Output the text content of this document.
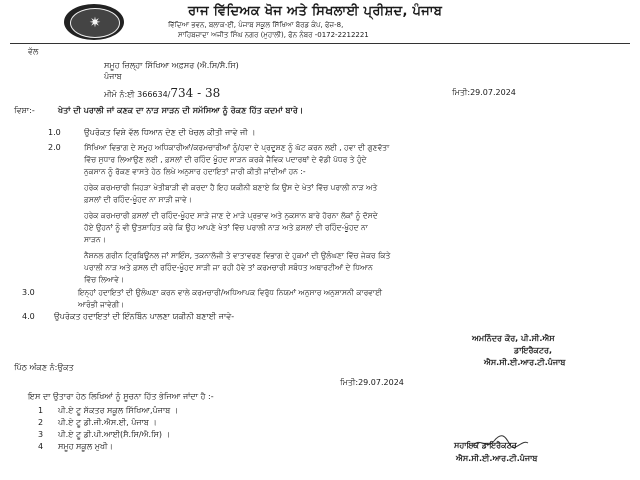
✷
ਰਾਜ ਵਿੱਦਿਅਕ ਖੋਜ ਅਤੇ ਸਿਖਲਾਈ ਪ੍ਰੀਸ਼ਦ, ਪੰਜਾਬ
ਵਿੱਦਿਆ ਭਵਨ, ਬਲਾਕ-ਈ, ਪੰਜਾਬ ਸਕੂਲ ਸਿੱਖਿਆ ਬੋਰਡ ਕੰਪ, ਫੇਜ਼-8,
ਸਾਹਿਬਜ਼ਾਦਾ ਅਜੀਤ ਸਿੰਘ ਨਗਰ (ਮੁਹਾਲੀ), ਫੋਨ ਨੰਬਰ -0172-2212221
ਵੱਲ
ਸਮੂਹ ਜ਼ਿਲ੍ਹਾ ਸਿੱਖਿਆ ਅਫ਼ਸਰ (ਐ.ਸਿ/ਸੈ.ਸਿ)
ਪੰਜਾਬ
ਮੀਮੋ ਨੰ:ਈ 366634/734 - 38	ਮਿਤੀ:29.07.2024
ਵਿਸ਼ਾ:-	ਖੇਤਾਂ ਦੀ ਪਰਾਲੀ ਜਾਂ ਕਣਕ ਦਾ ਨਾੜ ਸਾੜਨ ਦੀ ਸਮੱਸਿਆ ਨੂੰ ਰੋਕਣ ਹਿੱਤ ਕਦਮਾਂ ਬਾਰੇ।
1.0	ਉਪਰੋਕਤ ਵਿਸ਼ੇ ਵੱਲ ਧਿਆਨ ਦੇਣ ਦੀ ਖੇਚਲ ਕੀਤੀ ਜਾਵੇ ਜੀ ।
2.0	ਸਿੱਖਿਆ ਵਿਭਾਗ ਦੇ ਸਮੂਹ ਅਧਿਕਾਰੀਆਂ/ਕਰਮਚਾਰੀਆਂ ਨੂੰ/ਹਵਾ ਦੇ ਪ੍ਰਦੂਸ਼ਣ ਨੂੰ ਘੱਟ ਕਰਨ ਲਈ , ਹਵਾ ਦੀ ਗੁਣਵੱਤਾ
ਵਿੱਚ ਸੁਧਾਰ ਲਿਆਉਣ ਲਈ , ਫ਼ਸਲਾਂ ਦੀ ਰਹਿੰਦ ਖੂੰਹਦ ਸਾੜਨ ਕਰਕੇ ਜੈਵਿਕ ਪਦਾਰਥਾਂ ਦੇ ਵੱਡੀ ਪੱਧਰ ਤੇ ਹੁੰਦੇ
ਨੁਕਸਾਨ ਨੂੰ ਰੋਕਣ ਵਾਸਤੇ ਹੇਠ ਲਿਖੇ ਅਨੁਸਾਰ ਹਦਾਇਤਾਂ ਜਾਰੀ ਕੀਤੀ ਜਾਂਦੀਆਂ ਹਨ :-
ਹਰੇਕ ਕਰਮਚਾਰੀ ਜਿਹੜਾ ਖੇਤੀਬਾੜੀ ਵੀ ਕਰਦਾ ਹੈ ਇਹ ਯਕੀਨੀ ਬਣਾਏ ਕਿ ਉਸ ਦੇ ਖੇਤਾਂ ਵਿੱਚ ਪਰਾਲੀ ਨਾੜ ਅਤੇ
ਫ਼ਸਲਾਂ ਦੀ ਰਹਿੰਦ-ਖੂੰਹਦ ਨਾ ਸਾੜੀ ਜਾਵੇ।
ਹਰੇਕ ਕਰਮਚਾਰੀ ਫ਼ਸਲਾਂ ਦੀ ਰਹਿੰਦ-ਖੂੰਹਦ ਸਾੜੇ ਜਾਣ ਦੇ ਮਾੜੇ ਪ੍ਰਭਾਵ ਅਤੇ ਨੁਕਸਾਨ ਬਾਰੇ ਹੋਰਨਾ ਲੋਕਾਂ ਨੂੰ ਦੱਸਦੇ
ਹੋਏ ਉਹਨਾਂ ਨੂੰ ਵੀ ਉਤਸ਼ਾਹਿਤ ਕਰੇ ਕਿ ਉਹ ਆਪਣੇ ਖੇਤਾਂ ਵਿੱਚ ਪਰਾਲੀ ਨਾੜ ਅਤੇ ਫ਼ਸਲਾਂ ਦੀ ਰਹਿੰਦ-ਖੂੰਹਦ ਨਾ
ਸਾੜਨ।
ਨੈਸ਼ਨਲ ਗਰੀਨ ਟ੍ਰਿਬਿਊਨਲ ਜਾਂ ਸਾਇੰਸ, ਤਕਨਾਲੋਜੀ ਤੇ ਵਾਤਾਵਰਣ ਵਿਭਾਗ ਦੇ ਹੁਕਮਾਂ ਦੀ ਉਲੰਘਣਾ ਵਿੱਚ ਜੇਕਰ ਕਿਤੇ
ਪਰਾਲੀ ਨਾੜ ਅਤੇ ਫ਼ਸਲ ਦੀ ਰਹਿੰਦ-ਖੂੰਹਦ ਸਾੜੀ ਜਾ ਰਹੀ ਹੋਵੇ ਤਾਂ ਕਰਮਚਾਰੀ ਸਬੰਧਤ ਅਥਾਰਟੀਆਂ ਦੇ ਧਿਆਨ
ਵਿੱਚ ਲਿਆਵੇ।
3.0	ਇਨ੍ਹਾਂ ਹਦਾਇਤਾਂ ਦੀ ਉਲੰਘਣਾ ਕਰਨ ਵਾਲੇ ਕਰਮਚਾਰੀ/ਅਧਿਆਪਕ ਵਿਰੁੱਧ ਨਿਯਮਾਂ ਅਨੁਸਾਰ ਅਨੁਸ਼ਾਸਨੀ ਕਾਰਵਾਈ
ਆਰੰਭੀ ਜਾਵੇਗੀ।
4.0 ਉਪਰੋਕਤ ਹਦਾਇਤਾਂ ਦੀ ਇੰਨਬਿੰਨ ਪਾਲਣਾ ਯਕੀਨੀ ਬਣਾਈ ਜਾਵੇ-
ਅਮਨਿੰਦਰ ਕੌਰ, ਪੀ.ਸੀ.ਐਸ
ਡਾਇਰੈਕਟਰ,
ਐਸ.ਸੀ.ਈ.ਆਰ.ਟੀ.ਪੰਜਾਬ
ਪਿੱਠ ਅੰਕਣ ਨੰ:ਉਕਤ
ਮਿਤੀ:29.07.2024
ਇਸ ਦਾ ਉਤਾਰਾ ਹੇਠ ਲਿਖਿਆਂ ਨੂੰ ਸੂਚਨਾ ਹਿੱਤ ਭੇਜਿਆ ਜਾਂਦਾ ਹੈ :-
1 ਪੀ.ਏ ਟੂ ਸੱਕਤਰ ਸਕੂਲ ਸਿੱਖਿਆ,ਪੰਜਾਬ ।
2 ਪੀ.ਏ ਟੂ ਡੀ.ਜੀ.ਐਸ.ਈ, ਪੰਜਾਬ ।
3 ਪੀ.ਏ ਟੂ ਡੀ.ਪੀ.ਆਈ(ਸੈ.ਸਿ/ਐ.ਸਿ) ।
4 ਸਮੂਹ ਸਕੂਲ ਮੁਖੀ।	ਸਹਾਇਕ ਡਾਇਰੈਕਟਰ
ਐਸ.ਸੀ.ਈ.ਆਰ.ਟੀ.ਪੰਜਾਬ
